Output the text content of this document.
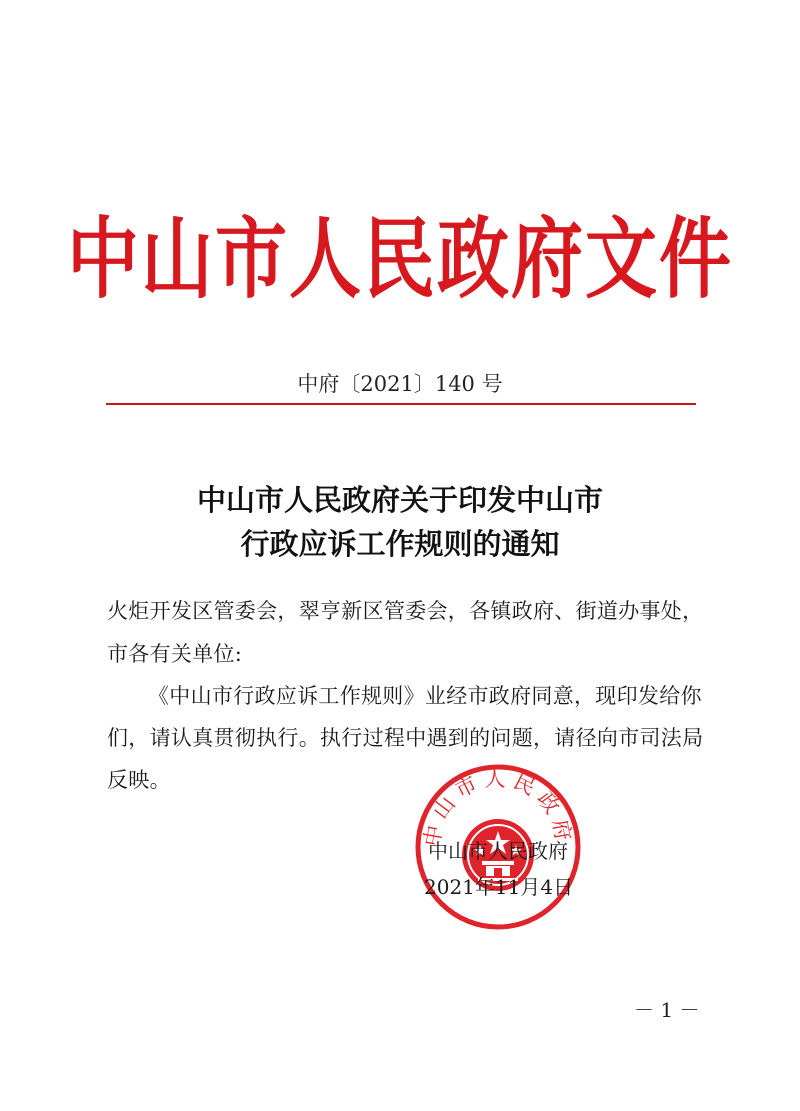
中山市人民政府文件
中府〔2021〕140 号
中山市人民政府关于印发中山市
行政应诉工作规则的通知
火炬开发区管委会，翠亨新区管委会，各镇政府、街道办事处，
市各有关单位:
《中山市行政应诉工作规则》业经市政府同意，现印发给你
们，请认真贯彻执行。执行过程中遇到的问题，请径向市司法局
反映。
中山市人民政府
中山市人民政府
2021年11月4日
－ 1 －
